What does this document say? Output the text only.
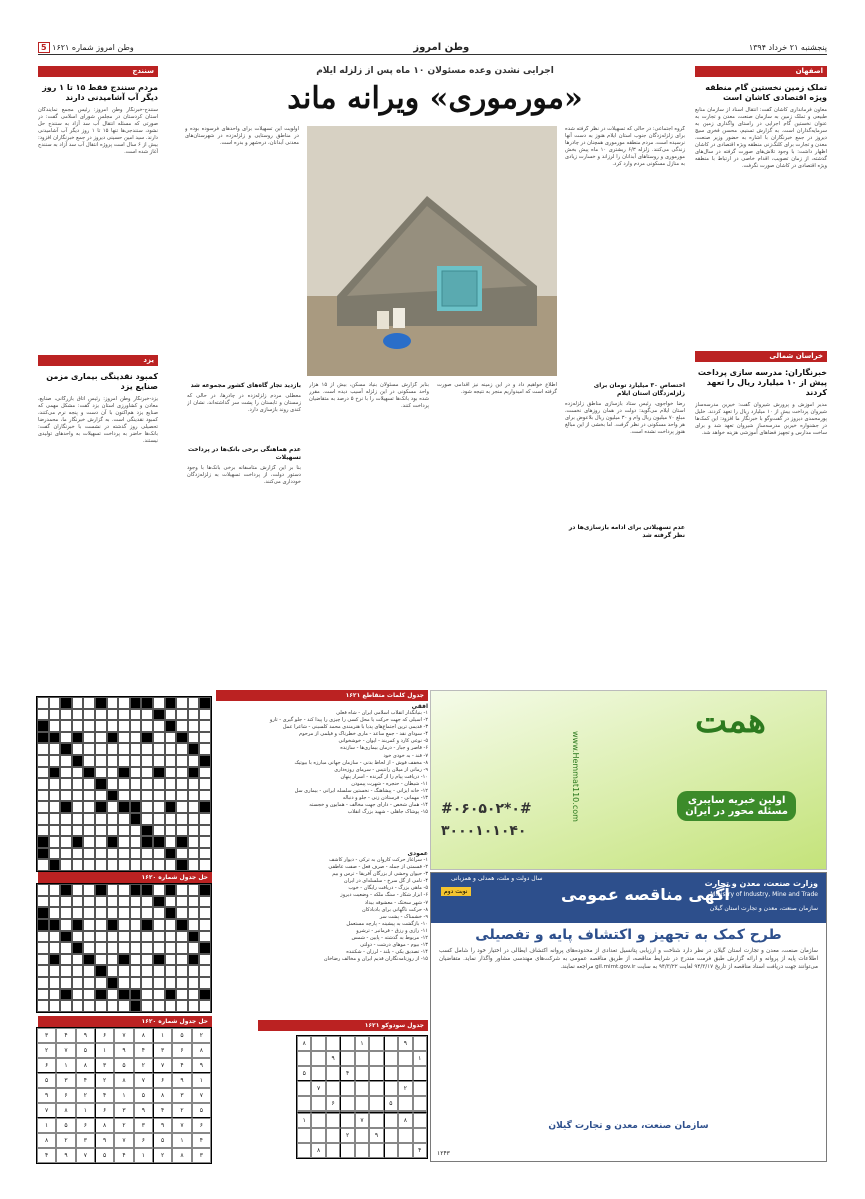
پنجشنبه ۲۱ خرداد ۱۳۹۴
وطن امروز
وطن امروز شماره ۱۶۲۱ 5
اصفهان
تملک زمین نخستین گام منطقه ویژه اقتصادی کاشان است
معاون فرمانداری کاشان گفت: انتقال اسناد از سازمان منابع طبیعی و تملک زمین به سازمان صنعت، معدن و تجارت به عنوان نخستین گام اجرایی در راستای واگذاری زمین به سرمایه‌گذاران است. به گزارش تسنیم، محسن فخری سیچ دیروز در جمع خبرنگاران با اشاره به حضور وزیر صنعت، معدن و تجارت برای کلنگ‌زنی منطقه ویژه اقتصادی در کاشان اظهار داشت: با وجود تلاش‌های صورت گرفته در سال‌های گذشته، از زمان تصویب، اقدام خاصی در ارتباط با منطقه ویژه اقتصادی در کاشان صورت نگرفت.
خراسان شمالی
خبرنگاران: مدرسه سازی پرداخت پیش از ۱۰ میلیارد ریال را تعهد کردند
مدیر آموزش و پرورش شیروان گفت: خیرین مدرسه‌ساز شیروان پرداخت بیش از ۱۰ میلیارد ریال را تعهد کردند. خلیل پورمحمدی دیروز در گفت‌وگو با خبرنگار ما افزود: این کمک‌ها در جشنواره خیرین مدرسه‌ساز شیروان تعهد شد و برای ساخت مدارس و تجهیز فضاهای آموزشی هزینه خواهد شد.
اجرایی نشدن وعده مسئولان ۱۰ ماه پس از زلزله ایلام
«مورموری» ویرانه ماند
گروه اجتماعی: در حالی که تسهیلات در نظر گرفته شده برای زلزله‌زدگان جنوب استان ایلام هنوز به دست آنها نرسیده است، مردم منطقه مورموری همچنان در چادرها زندگی می‌کنند. زلزله ۶/۳ ریشتری ۱۰ ماه پیش بخش مورموری و روستاهای آبدانان را لرزاند و خسارت زیادی به منازل مسکونی مردم وارد کرد.
اولویت این تسهیلات برای واحدهای فرسوده بوده و در مناطق روستایی و زلزله‌زده در شهرستان‌های معدنی آبدانان، دره‌شهر و بدره است.
اختصاص ۳۰ میلیارد تومان برای زلزله‌زدگان استان ایلام
رضا خواجوی، رئیس ستاد بازسازی مناطق زلزله‌زده استان ایلام می‌گوید: دولت در همان روزهای نخست، مبلغ ۷۰ میلیون ریال وام و ۳۰ میلیون ریال بلاعوض برای هر واحد مسکونی در نظر گرفت. اما بخشی از این مبالغ هنوز پرداخت نشده است.
عدم تسهیلاتی برای ادامه بازسازی‌ها در نظر گرفته شد
اطلاع خواهیم داد و در این زمینه نیز اقدامی صورت گرفته است که امیدواریم منجر به نتیجه شود.
بنابر گزارش مسئولان بنیاد مسکن، بیش از ۱۵ هزار واحد مسکونی در این زلزله آسیب دیده است. مقرر شده بود بانک‌ها تسهیلات را با نرخ ۵ درصد به متقاضیان پرداخت کنند.
بازدید تجار گاه‌های کشور مجموعه شد
معطلی مردم زلزله‌زده در چادرها، در حالی که زمستان و تابستان را پشت سر گذاشته‌اند، نشان از کندی روند بازسازی دارد.
عدم هماهنگی برخی بانک‌ها در پرداخت تسهیلات
بنا بر این گزارش متاسفانه برخی بانک‌ها با وجود دستور دولت، از پرداخت تسهیلات به زلزله‌زدگان خودداری می‌کنند.
سنندج
مردم سنندج فقط ۱۵ تا ۱ روز دیگر آب آشامیدنی دارند
سنندج-خبرنگار وطن امروز: رئیس مجمع نمایندگان استان کردستان در مجلس شورای اسلامی گفت: در صورتی که مسئله انتقال آب سد آزاد به سنندج حل نشود، سنندجی‌ها تنها ۱۵ تا ۱ روز دیگر آب آشامیدنی دارند. سید امین حسینی دیروز در جمع خبرنگاران افزود: بیش از ۶ سال است پروژه انتقال آب سد آزاد به سنندج آغاز شده است.
یزد
کمبود نقدینگی بیماری مزمن صنایع یزد
یزد-خبرنگار وطن امروز: رئیس اتاق بازرگانی، صنایع، معادن و کشاورزی استان یزد گفت: مشکل مهمی که صنایع یزد هم‌اکنون با آن دست و پنجه نرم می‌کنند، کمبود نقدینگی است. به گزارش خبرنگار ما، محمدرضا تحصیلی روز گذشته در نشست با خبرنگاران گفت: بانک‌ها حاضر به پرداخت تسهیلات به واحدهای تولیدی نیستند.
همت
اولین خبریه سایبری
مسئله محور در ایران
www.Hemmat110.com
#۰۶۰۵۰۲*۰#
۳۰۰۰۱۰۱۰۴۰
وزارت صنعت، معدن و تجارت
Ministry of Industry, Mine and Trade
سازمان صنعت، معدن و تجارت استان گیلان
سال دولت و ملت، همدلی و همزبانی
آگهی مناقصه عمومی
نوبت دوم
طرح کمک به تجهیز و اکتشاف پایه و تفصیلی
سازمان صنعت، معدن و تجارت استان گیلان در نظر دارد شناخت و ارزیابی پتانسیل تعدادی از محدوده‌های پروانه اکتشاف ایطالی در اختیار خود را شامل کسب اطلاعات پایه از پروانه و ارائه گزارش طبق فرمت مندرج در شرایط مناقصه، از طریق مناقصه عمومی به شرکت‌های مهندسی مشاور واگذار نماید. متقاضیان می‌توانند جهت دریافت اسناد مناقصه از تاریخ ۹۴/۳/۱۷ لغایت ۹۴/۳/۲۲ به سایت gil.mimt.gov.ir مراجعه نمایند.
سازمان صنعت، معدن و تجارت گیلان
۱۲۴۳
جدول کلمات متقاطع ۱۶۲۱
افقی
۱- بنیانگذار انقلاب اسلامی ایران - شاه فعلی
۲- اسیلی که جهت حرکت یا محل کسی را چیزی را پیدا کند - جلو گیری - تارو
۳- قدیمی ترین اجتماع‌های پدیا با هنرمندی محمد کلسینی - شاعرا عمل
۴- سودای نقد - جمع ساعد - ماری خطرناک و فیلمی از مرحوم
۵- نوعی کارد و کمربند - ایوان - خوشخوانی
۶- قاصر و جبار - درمان بیماری‌ها - سازنده
۷- قند - به خودی خود
۸- مخفف فوش - از لحاظ بدنی - سازمان جهانی مبارزه با بیوتیک
۹- رمانی از میلان رانتیس - سرمای روزه‌داری
۱۰- دریافت پیام را از گیرنده - اسرار پنهان
۱۱- شیطان - حنجره - شهرت پیمودن
۱۲- خانه ایزانی - پیشاهنگ - نخستین سلسله ایرانی - بیماری سل
۱۳- مهمانی - فرستادن زنی - جلو و دنباله
۱۴- همان شخص - دارای جهت مخالف - همایون و خجسته
۱۵- پوشاک جاهلی - شهید بزرگ انقلاب
عمودی
۱- سراغاز حرکت کاروان به ترکی - دیوار کاشف
۲- قسمتی از جمله - صرف فعل - صفت عاطفی
۳- حیوان وحشی از بزرگان آفریقا - ترس و بیم
۴- نامی از گل سرخ - سلسله‌ای در ایران
۵- ماهی بزرگ - دریافت رایگان - خوب
۶- ابزار شکار - سنگ ملکه - وضعیت دیروز
۷- شهر سختک - معشوقه بیداد
۸- حرکت ناگهانی برای بادبادکان
۹- خشمناک - پشت سر
۱۰- بازگشت به پیشینه - پارچه مستعمل
۱۱- رازی و رزق - فرمانبر - ترشرو
۱۲- مربوط به گذشته - پایین - شمس
۱۳- بیوم - موهای درشت - دولتی
۱۴- تصدیق یکی - بلند - لرزان - شکننده
۱۵- از روزنامه‌نگاران قدیم ایران و مخالف رضاخان
حل جدول شماره ۱۶۲۰
حل جدول شماره ۱۶۲۰
۲
۵
۱
۸
۷
۶
۹
۴
۳
۸
۶
۳
۴
۹
۱
۵
۷
۲
۹
۴
۷
۲
۵
۳
۸
۱
۶
۱
۹
۶
۷
۸
۲
۴
۳
۵
۷
۳
۸
۵
۱
۴
۲
۶
۹
۵
۲
۴
۹
۳
۶
۱
۸
۷
۶
۷
۹
۳
۲
۸
۶
۵
۱
۴
۱
۵
۶
۷
۹
۳
۲
۸
۳
۸
۲
۱
۴
۵
۷
۹
۴
جدول سودوکو ۱۶۲۱
۹
۱
۸
۱
۹
۴
۵
۲
۷
۵
۶
۸
۷
۱
۹
۲
۴
۸
